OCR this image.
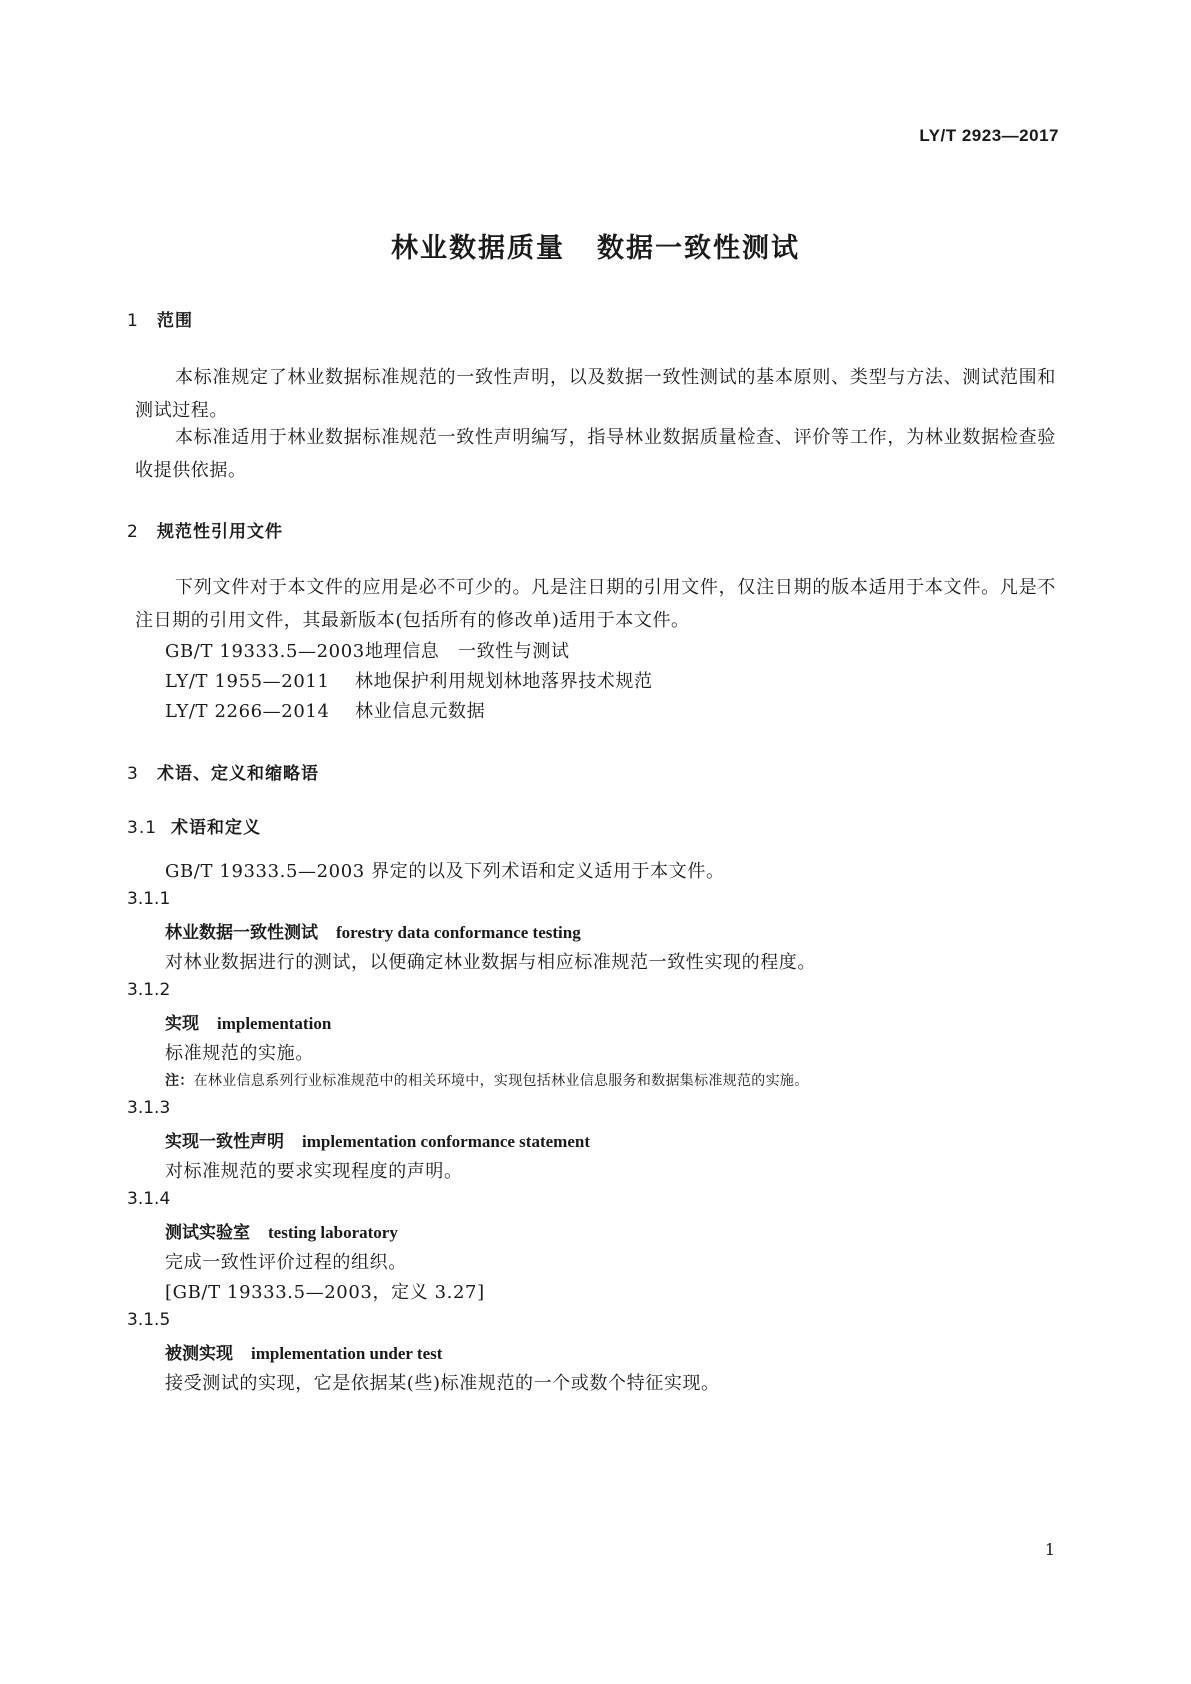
LY/T 2923—2017
林业数据质量 数据一致性测试
1 范围
本标准规定了林业数据标准规范的一致性声明，以及数据一致性测试的基本原则、类型与方法、测试范围和测试过程。
本标准适用于林业数据标准规范一致性声明编写，指导林业数据质量检查、评价等工作，为林业数据检查验收提供依据。
2 规范性引用文件
下列文件对于本文件的应用是必不可少的。凡是注日期的引用文件，仅注日期的版本适用于本文件。凡是不注日期的引用文件，其最新版本(包括所有的修改单)适用于本文件。
GB/T 19333.5—2003地理信息　一致性与测试
LY/T 1955—2011 林地保护利用规划林地落界技术规范
LY/T 2266—2014 林业信息元数据
3 术语、定义和缩略语
3.1 术语和定义
GB/T 19333.5—2003 界定的以及下列术语和定义适用于本文件。
3.1.1
林业数据一致性测试 forestry data conformance testing
对林业数据进行的测试，以便确定林业数据与相应标准规范一致性实现的程度。
3.1.2
实现 implementation
标准规范的实施。
注：在林业信息系列行业标准规范中的相关环境中，实现包括林业信息服务和数据集标准规范的实施。
3.1.3
实现一致性声明 implementation conformance statement
对标准规范的要求实现程度的声明。
3.1.4
测试实验室 testing laboratory
完成一致性评价过程的组织。
[GB/T 19333.5—2003，定义 3.27]
3.1.5
被测实现 implementation under test
接受测试的实现，它是依据某(些)标准规范的一个或数个特征实现。
1
